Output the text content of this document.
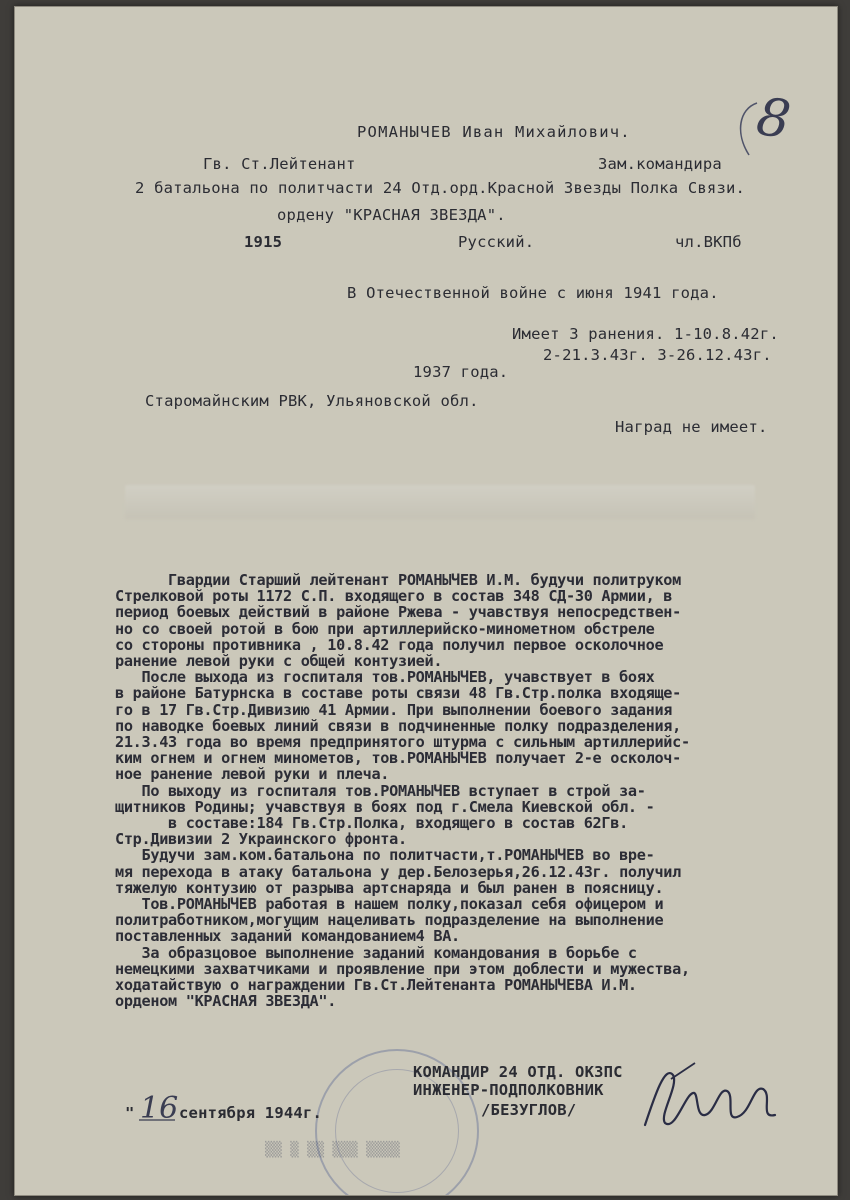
8
РОМАНЫЧЕВ Иван Михайлович.
Гв. Ст.Лейтенант	Зам.командира
2 батальона по политчасти 24 Отд.орд.Красной Звезды Полка Связи.
ордену "КРАСНАЯ ЗВЕЗДА".
1915	Русский.	чл.ВКПб
В Отечественной войне с июня 1941 года.
Имеет 3 ранения. 1-10.8.42г.
2-21.3.43г. 3-26.12.43г.
1937 года.
Старомайнским РВК, Ульяновской обл.
Наград не имеет.
Гвардии Старший лейтенант РОМАНЫЧЕВ И.М. будучи политруком
Стрелковой роты 1172 С.П. входящего в состав 348 СД-30 Армии, в
период боевых действий в районе Ржева - учавствуя непосредствен-
но со своей ротой в бою при артиллерийско-минометном обстреле
со стороны противника , 10.8.42 года получил первое осколочное
ранение левой руки с общей контузией.
После выхода из госпиталя тов.РОМАНЫЧЕВ, учавствует в боях
в районе Батурнска в составе роты связи 48 Гв.Стр.полка входяще-
го в 17 Гв.Стр.Дивизию 41 Армии. При выполнении боевого задания
по наводке боевых линий связи в подчиненные полку подразделения,
21.3.43 года во время предпринятого штурма с сильным артиллерийс-
ким огнем и огнем минометов, тов.РОМАНЫЧЕВ получает 2-е осколоч-
ное ранение левой руки и плеча.
По выходу из госпиталя тов.РОМАНЫЧЕВ вступает в строй за-
щитников Родины; учавствуя в боях под г.Смела Киевской обл. -
в составе:184 Гв.Стр.Полка, входящего в состав 62Гв.
Стр.Дивизии 2 Украинского фронта.
Будучи зам.ком.батальона по политчасти,т.РОМАНЫЧЕВ во вре-
мя перехода в атаку батальона у дер.Белозерья,26.12.43г. получил
тяжелую контузию от разрыва артснаряда и был ранен в поясницу.
Тов.РОМАНЫЧЕВ работая в нашем полку,показал себя офицером и
политработником,могущим нацеливать подразделение на выполнение
поставленных заданий командованием4 ВА.
За образцовое выполнение заданий командования в борьбе с
немецкими захватчиками и проявление при этом доблести и мужества,
ходатайствую о награждении Гв.Ст.Лейтенанта РОМАНЫЧЕВА И.М.
орденом "КРАСНАЯ ЗВЕЗДА".
▒▒ ▒ ▒▒ ▒▒▒ ▒▒▒▒
КОМАНДИР 24 ОТД. ОКЗПС
ИНЖЕНЕР-ПОДПОЛКОВНИК
/БЕЗУГЛОВ/
" 16 сентября 1944г.
